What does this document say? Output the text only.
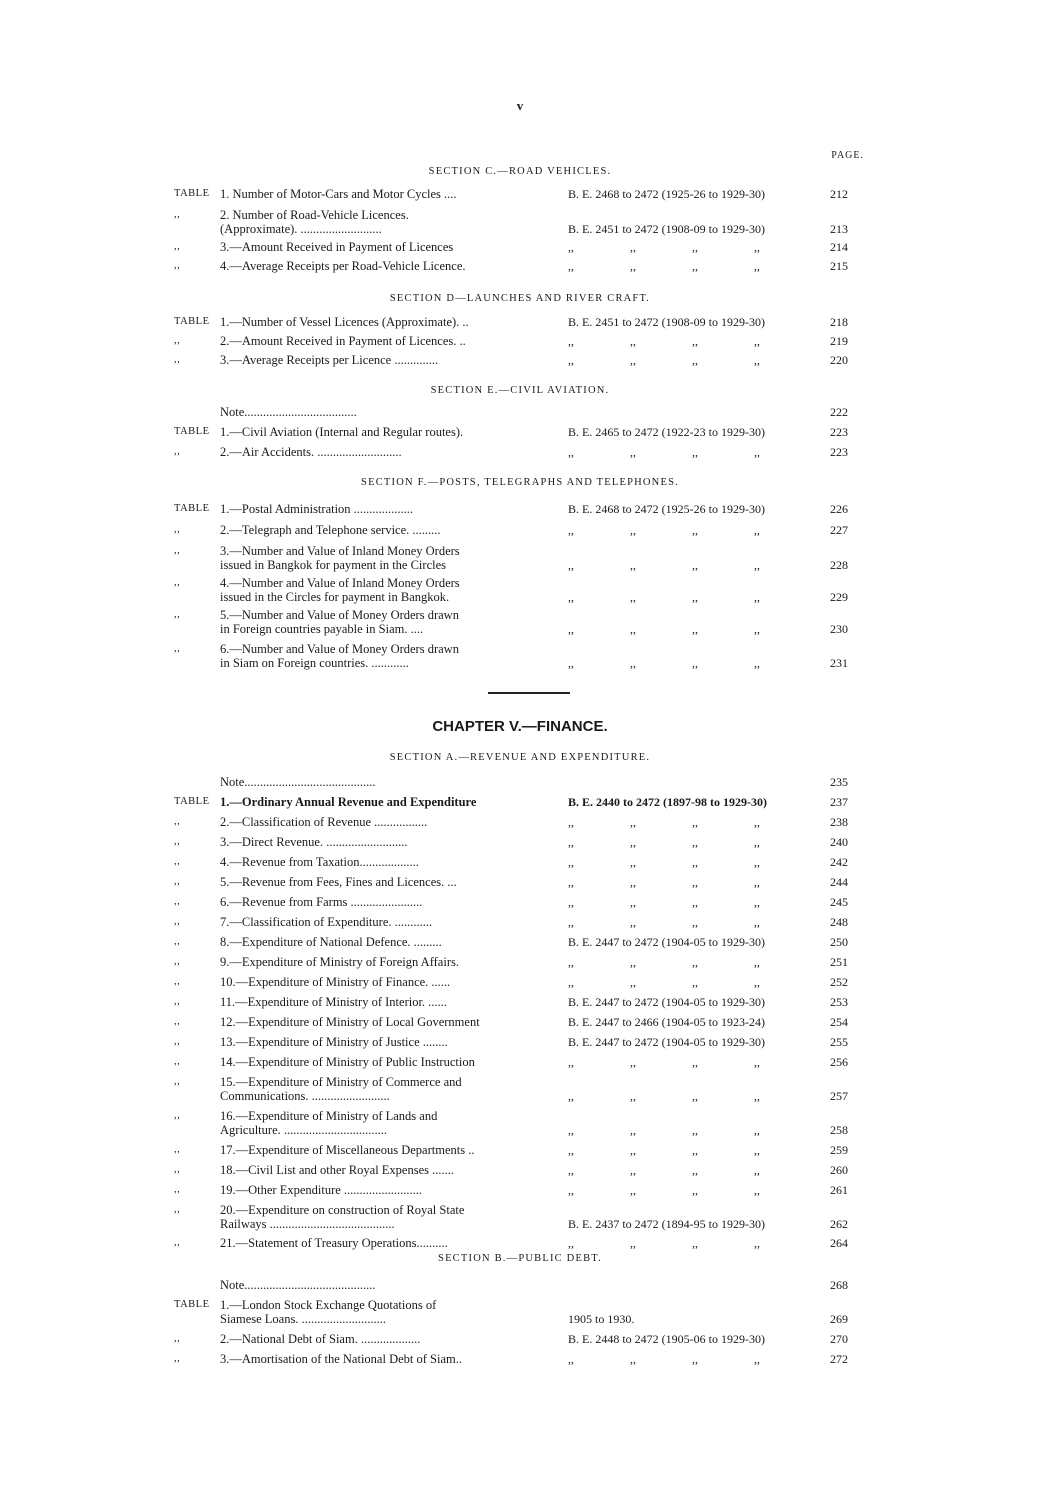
v
PAGE.
CHAPTER V.—FINANCE.
SECTION C.—ROAD VEHICLES.
SECTION D—LAUNCHES AND RIVER CRAFT.
SECTION E.—CIVIL AVIATION.
SECTION F.—POSTS, TELEGRAPHS AND TELEPHONES.
SECTION A.—REVENUE AND EXPENDITURE.
SECTION B.—PUBLIC DEBT.
TABLE 1. Number of Motor-Cars and Motor Cycles ....	B. E. 2468 to 2472 (1925-26 to 1929-30)	212
,,	2. Number of Road-Vehicle Licences.
(Approximate). ..........................	B. E. 2451 to 2472 (1908-09 to 1929-30)	213
,,	3.—Amount Received in Payment of Licences	,,	,,	,,	,,	214
,,	4.—Average Receipts per Road-Vehicle Licence.	,,	,,	,,	,,	215
TABLE 1.—Number of Vessel Licences (Approximate). ..	B. E. 2451 to 2472 (1908-09 to 1929-30)	218
,,	2.—Amount Received in Payment of Licences. ..	,,	,,	,,	,,	219
,,	3.—Average Receipts per Licence ..............	,,	,,	,,	,,	220
Note....................................	222
TABLE 1.—Civil Aviation (Internal and Regular routes).	B. E. 2465 to 2472 (1922-23 to 1929-30)	223
,,	2.—Air Accidents. ...........................	,,	,,	,,	,,	223
TABLE 1.—Postal Administration ...................	B. E. 2468 to 2472 (1925-26 to 1929-30)	226
,,	2.—Telegraph and Telephone service. .........	,,	,,	,,	,,	227
,,	3.—Number and Value of Inland Money Orders
issued in Bangkok for payment in the Circles	,,	,,	,,	,,	228
,,	4.—Number and Value of Inland Money Orders
issued in the Circles for payment in Bangkok.	,,	,,	,,	,,	229
,,	5.—Number and Value of Money Orders drawn
in Foreign countries payable in Siam. ....	,,	,,	,,	,,	230
,,	6.—Number and Value of Money Orders drawn
in Siam on Foreign countries. ............	,,	,,	,,	,,	231
Note..........................................	235
TABLE 1.—Ordinary Annual Revenue and Expenditure	B. E. 2440 to 2472 (1897-98 to 1929-30)	237
,,	2.—Classification of Revenue .................	,,	,,	,,	,,	238
,,	3.—Direct Revenue. ..........................	,,	,,	,,	,,	240
,,	4.—Revenue from Taxation...................	,,	,,	,,	,,	242
,,	5.—Revenue from Fees, Fines and Licences. ...	,,	,,	,,	,,	244
,,	6.—Revenue from Farms .......................	,,	,,	,,	,,	245
,,	7.—Classification of Expenditure. ............	,,	,,	,,	,,	248
,,	8.—Expenditure of National Defence. .........	B. E. 2447 to 2472 (1904-05 to 1929-30)	250
,,	9.—Expenditure of Ministry of Foreign Affairs.	,,	,,	,,	,,	251
,,	10.—Expenditure of Ministry of Finance. ......	,,	,,	,,	,,	252
,,	11.—Expenditure of Ministry of Interior. ......	B. E. 2447 to 2472 (1904-05 to 1929-30)	253
,,	12.—Expenditure of Ministry of Local Government	B. E. 2447 to 2466 (1904-05 to 1923-24)	254
,,	13.—Expenditure of Ministry of Justice ........	B. E. 2447 to 2472 (1904-05 to 1929-30)	255
,,	14.—Expenditure of Ministry of Public Instruction	,,	,,	,,	,,	256
,,	15.—Expenditure of Ministry of Commerce and
Communications. .........................	,,	,,	,,	,,	257
,,	16.—Expenditure of Ministry of Lands and
Agriculture. .................................	,,	,,	,,	,,	258
,,	17.—Expenditure of Miscellaneous Departments ..	,,	,,	,,	,,	259
,,	18.—Civil List and other Royal Expenses .......	,,	,,	,,	,,	260
,,	19.—Other Expenditure .........................	,,	,,	,,	,,	261
,,	20.—Expenditure on construction of Royal State
Railways ........................................	B. E. 2437 to 2472 (1894-95 to 1929-30)	262
,,	21.—Statement of Treasury Operations..........	,,	,,	,,	,,	264
Note..........................................	268
TABLE 1.—London Stock Exchange Quotations of
Siamese Loans. ...........................	1905 to 1930.	269
,,	2.—National Debt of Siam. ...................	B. E. 2448 to 2472 (1905-06 to 1929-30)	270
,,	3.—Amortisation of the National Debt of Siam..	,,	,,	,,	,,	272
